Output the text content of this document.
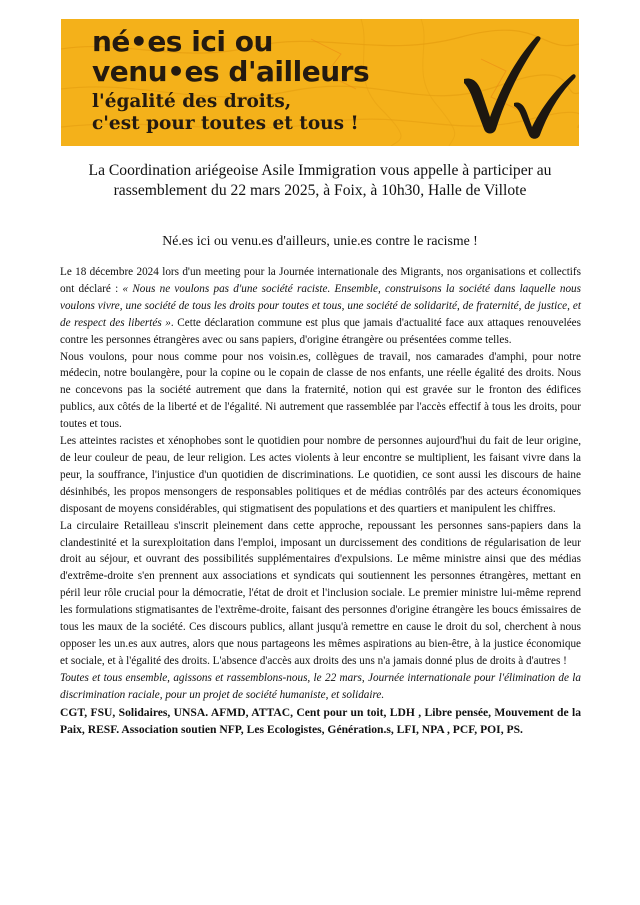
né•es ici ou
venu•es d'ailleurs
l'égalité des droits,
c'est pour toutes et tous !
La Coordination ariégeoise Asile Immigration vous appelle à participer au
rassemblement du 22 mars 2025, à Foix, à 10h30, Halle de Villote
Né.es ici ou venu.es d'ailleurs, unie.es contre le racisme !

Le 18 décembre 2024 lors d'un meeting pour la Journée internationale des Migrants, nos organisations et collectifs ont déclaré : « Nous ne voulons pas d'une société raciste. Ensemble, construisons la société dans laquelle nous voulons vivre, une société de tous les droits pour toutes et tous, une société de solidarité, de fraternité, de justice, et de respect des libertés ». Cette déclaration commune est plus que jamais d'actualité face aux attaques renouvelées contre les personnes étrangères avec ou sans papiers, d'origine étrangère ou présentées comme telles.

Nous voulons, pour nous comme pour nos voisin.es, collègues de travail, nos camarades d'amphi, pour notre médecin, notre boulangère, pour la copine ou le copain de classe de nos enfants, une réelle égalité des droits. Nous ne concevons pas la société autrement que dans la fraternité, notion qui est gravée sur le fronton des édifices publics, aux côtés de la liberté et de l'égalité. Ni autrement que rassemblée par l'accès effectif à tous les droits, pour toutes et tous.

Les atteintes racistes et xénophobes sont le quotidien pour nombre de personnes aujourd'hui du fait de leur origine, de leur couleur de peau, de leur religion. Les actes violents à leur encontre se multiplient, les faisant vivre dans la peur, la souffrance, l'injustice d'un quotidien de discriminations. Le quotidien, ce sont aussi les discours de haine désinhibés, les propos mensongers de responsables politiques et de médias contrôlés par des acteurs économiques disposant de moyens considérables, qui stigmatisent des populations et des quartiers et manipulent les chiffres.

La circulaire Retailleau s'inscrit pleinement dans cette approche, repoussant les personnes sans-papiers dans la clandestinité et la surexploitation dans l'emploi, imposant un durcissement des conditions de régularisation de leur droit au séjour, et ouvrant des possibilités supplémentaires d'expulsions. Le même ministre ainsi que des médias d'extrême-droite s'en prennent aux associations et syndicats qui soutiennent les personnes étrangères, mettant en péril leur rôle crucial pour la démocratie, l'état de droit et l'inclusion sociale. Le premier ministre lui-même reprend les formulations stigmatisantes de l'extrême-droite, faisant des personnes d'origine étrangère les boucs émissaires de tous les maux de la société. Ces discours publics, allant jusqu'à remettre en cause le droit du sol, cherchent à nous opposer les un.es aux autres, alors que nous partageons les mêmes aspirations au bien-être, à la justice économique et sociale, et à l'égalité des droits. L'absence d'accès aux droits des uns n'a jamais donné plus de droits à d'autres !

Toutes et tous ensemble, agissons et rassemblons-nous, le 22 mars, Journée internationale pour l'élimination de la discrimination raciale, pour un projet de société humaniste, et solidaire.

CGT, FSU, Solidaires, UNSA. AFMD, ATTAC, Cent pour un toit, LDH , Libre pensée, Mouvement de la Paix, RESF. Association soutien NFP, Les Ecologistes, Génération.s, LFI, NPA , PCF, POI, PS.
